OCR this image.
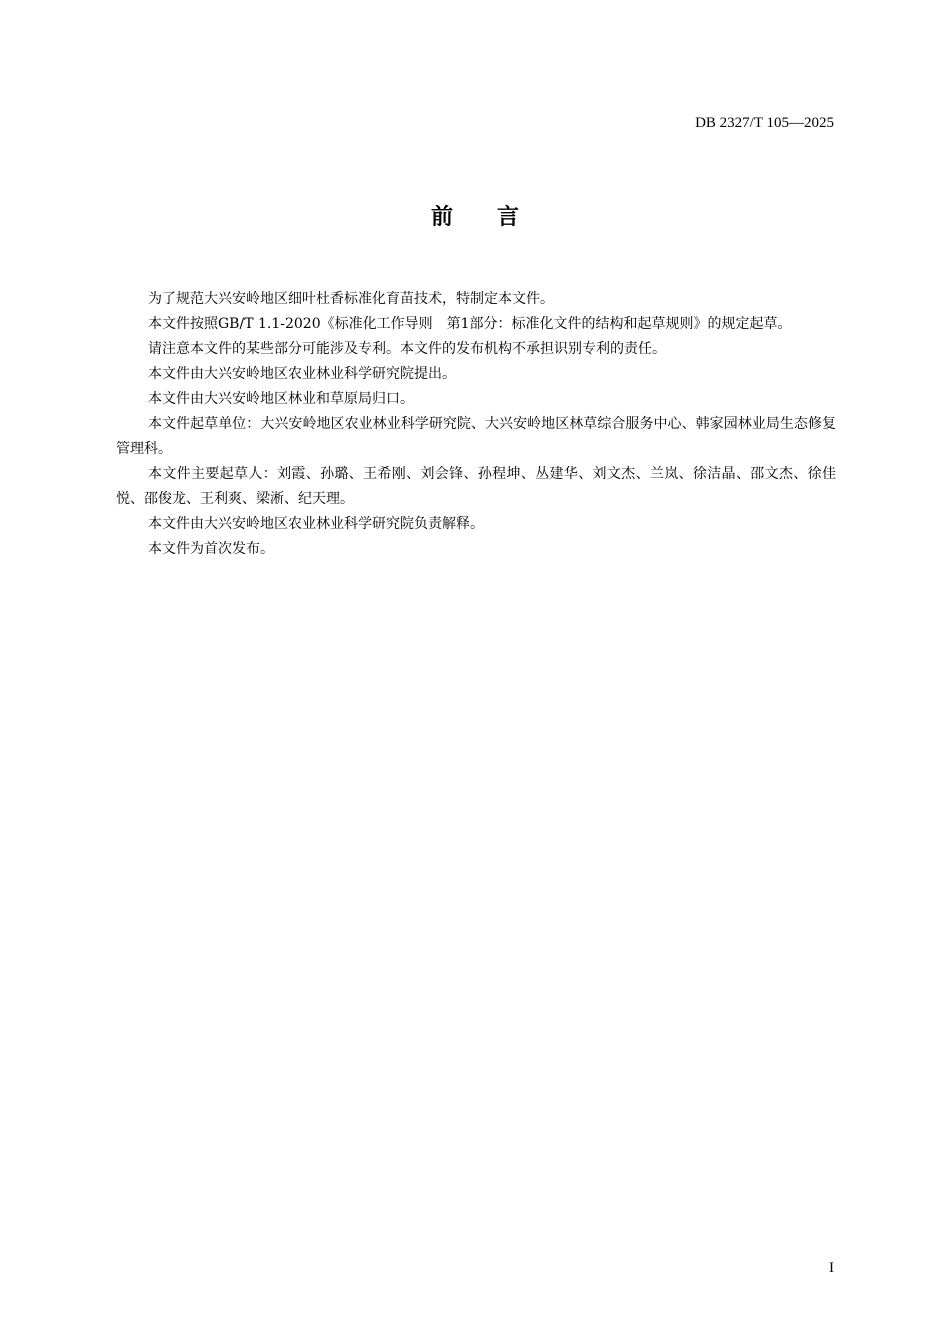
DB 2327/T 105—2025
前言

为了规范大兴安岭地区细叶杜香标准化育苗技术，特制定本文件。

本文件按照GB/T 1.1-2020《标准化工作导则　第1部分：标准化文件的结构和起草规则》的规定起草。

请注意本文件的某些部分可能涉及专利。本文件的发布机构不承担识别专利的责任。

本文件由大兴安岭地区农业林业科学研究院提出。

本文件由大兴安岭地区林业和草原局归口。

本文件起草单位：大兴安岭地区农业林业科学研究院、大兴安岭地区林草综合服务中心、韩家园林业局生态修复管理科。

本文件主要起草人：刘霞、孙璐、王希刚、刘会锋、孙程坤、丛建华、刘文杰、兰岚、徐洁晶、邵文杰、徐佳悦、邵俊龙、王利爽、梁淅、纪天理。

本文件由大兴安岭地区农业林业科学研究院负责解释。

本文件为首次发布。

I
